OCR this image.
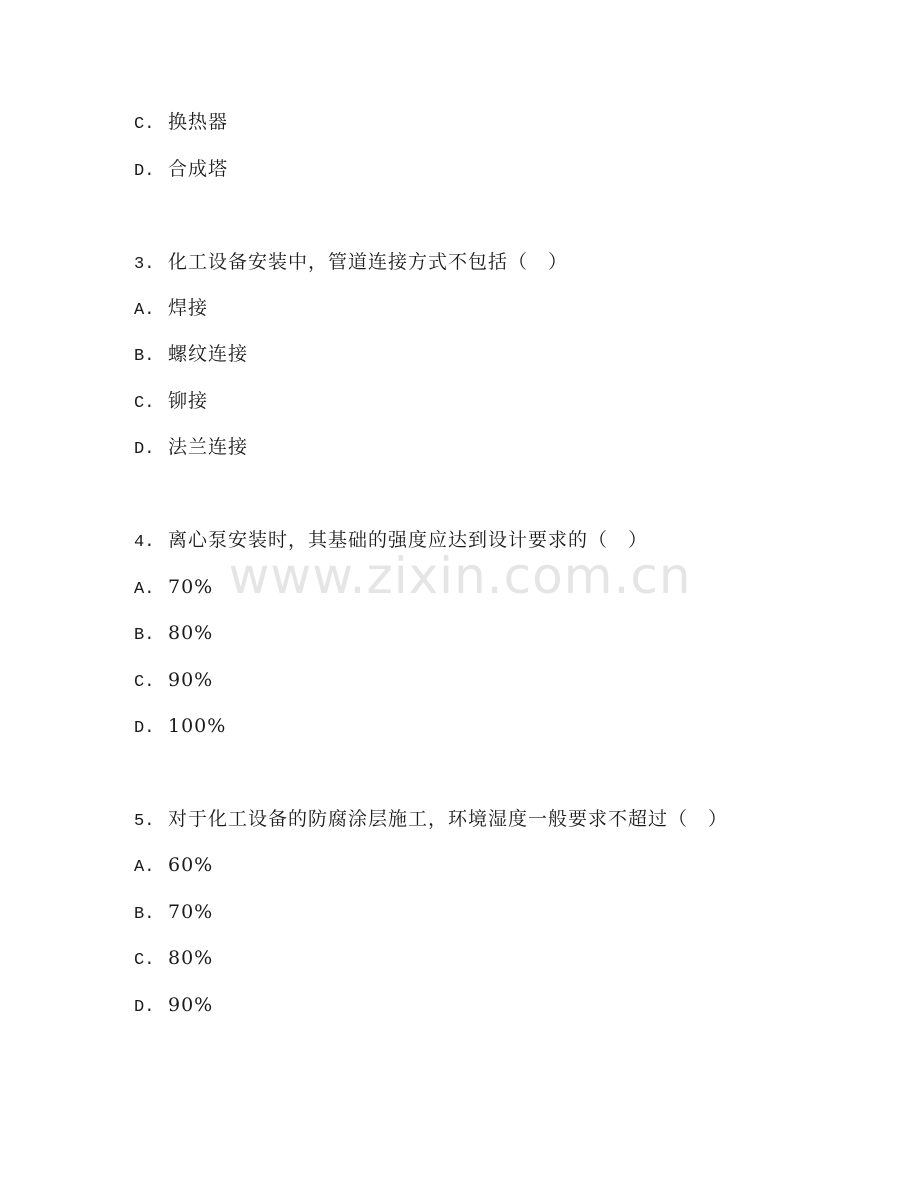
C. 换热器
D. 合成塔
3. 化工设备安装中，管道连接方式不包括（　）
A. 焊接
B. 螺纹连接
C. 铆接
D. 法兰连接
4. 离心泵安装时，其基础的强度应达到设计要求的（　）
A. 70%
B. 80%
C. 90%
D. 100%
5. 对于化工设备的防腐涂层施工，环境湿度一般要求不超过（　）
A. 60%
B. 70%
C. 80%
D. 90%
www.zixin.com.cn
